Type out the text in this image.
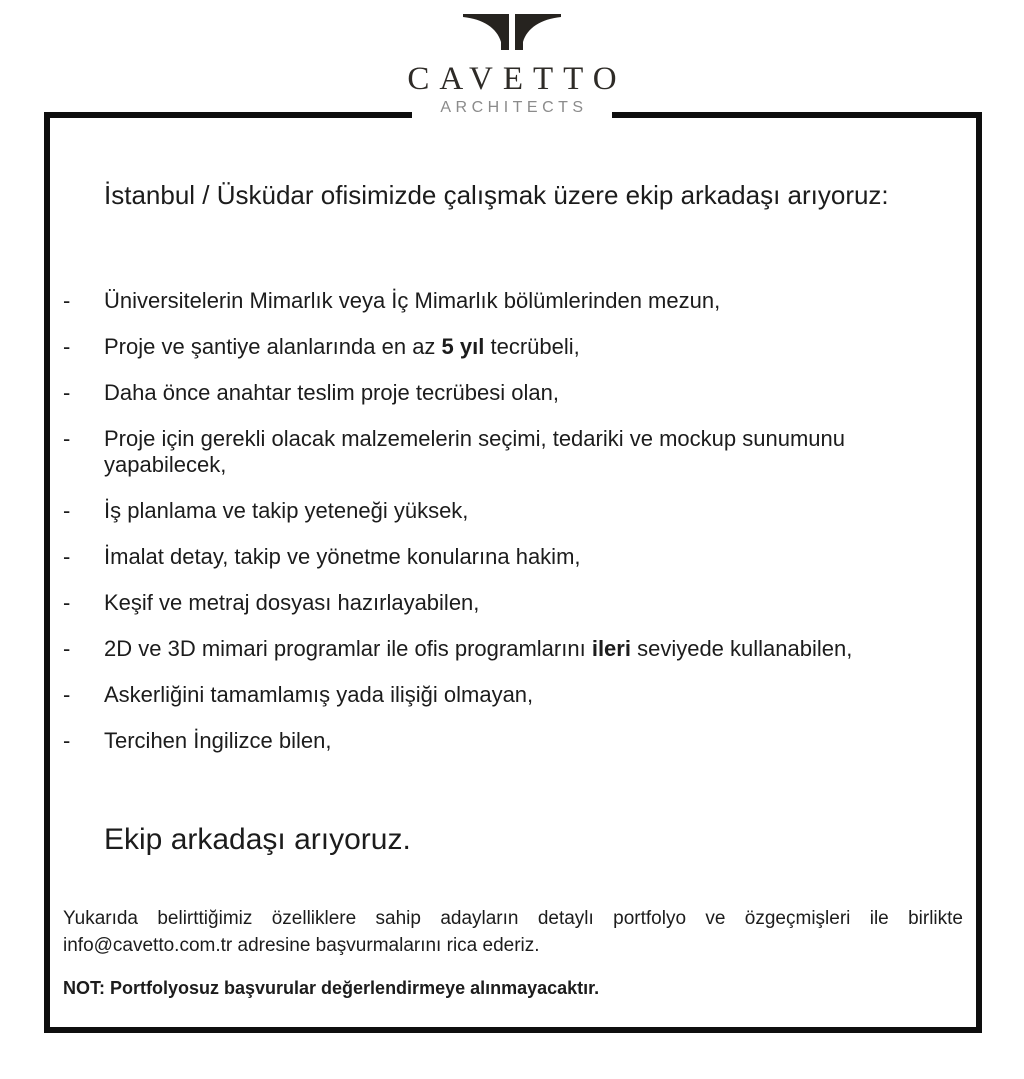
CAVETTO
ARCHITECTS
İstanbul / Üsküdar ofisimizde çalışmak üzere ekip arkadaşı arıyoruz:
-	Üniversitelerin Mimarlık veya İç Mimarlık bölümlerinden mezun,
-	Proje ve şantiye alanlarında en az 5 yıl tecrübeli,
-	Daha önce anahtar teslim proje tecrübesi olan,
-	Proje için gerekli olacak malzemelerin seçimi, tedariki ve mockup sunumunu yapabilecek,
-	İş planlama ve takip yeteneği yüksek,
-	İmalat detay, takip ve yönetme konularına hakim,
-	Keşif ve metraj dosyası hazırlayabilen,
-	2D ve 3D mimari programlar ile ofis programlarını ileri seviyede kullanabilen,
-	Askerliğini tamamlamış yada ilişiği olmayan,
-	Tercihen İngilizce bilen,
Ekip arkadaşı arıyoruz.
Yukarıda belirttiğimiz özelliklere sahip adayların detaylı portfolyo ve özgeçmişleri ile birlikte
info@cavetto.com.tr adresine başvurmalarını rica ederiz.
NOT: Portfolyosuz başvurular değerlendirmeye alınmayacaktır.
